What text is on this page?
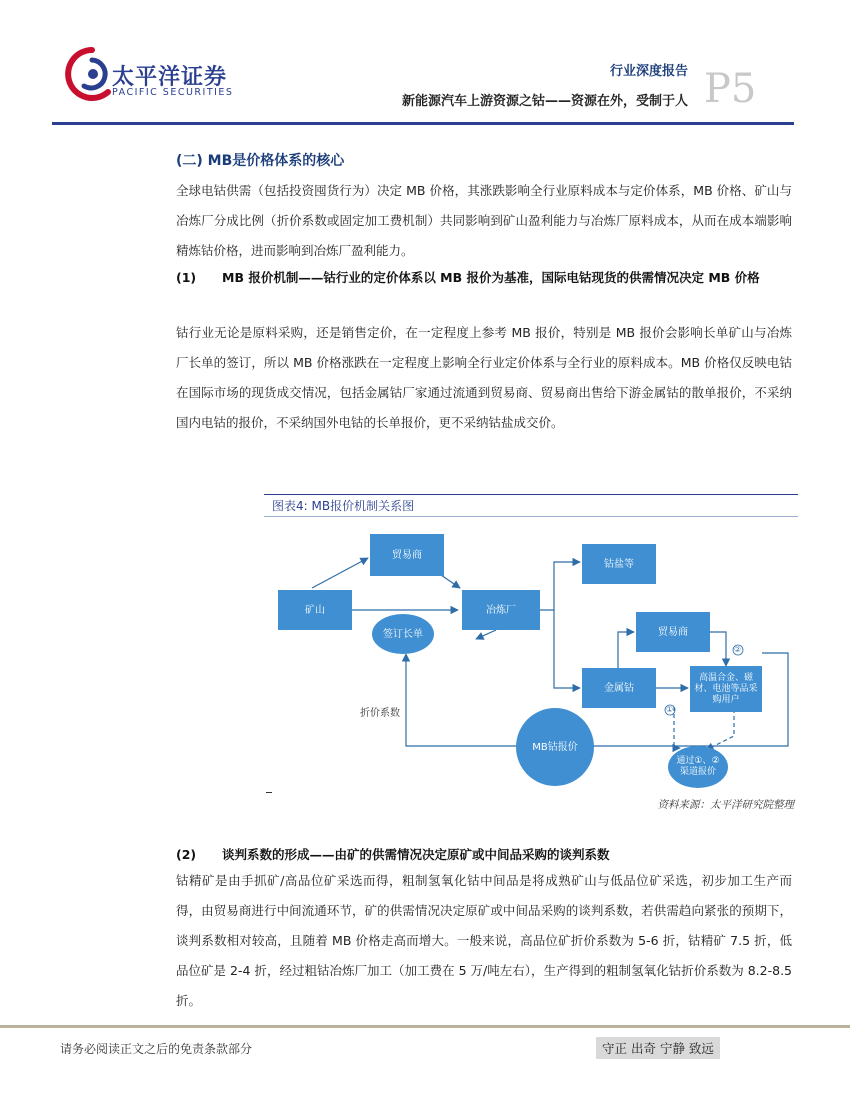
太平洋证券
PACIFIC SECURITIES
行业深度报告
新能源汽车上游资源之钴——资源在外，受制于人 P5
(二) MB是价格体系的核心
全球电钴供需（包括投资囤货行为）决定 MB 价格，其涨跌影响全行业原料成本与定价体系，MB 价格、矿山与冶炼厂分成比例（折价系数或固定加工费机制）共同影响到矿山盈利能力与冶炼厂原料成本，从而在成本端影响精炼钴价格，进而影响到冶炼厂盈利能力。
(1)	MB 报价机制——钴行业的定价体系以 MB 报价为基准，国际电钴现货的供需情况决定 MB 价格
钴行业无论是原料采购，还是销售定价，在一定程度上参考 MB 报价，特别是 MB 报价会影响长单矿山与冶炼厂长单的签订，所以 MB 价格涨跌在一定程度上影响全行业定价体系与全行业的原料成本。MB 价格仅反映电钴在国际市场的现货成交情况，包括金属钴厂家通过流通到贸易商、贸易商出售给下游金属钴的散单报价，不采纳国内电钴的报价，不采纳国外电钴的长单报价，更不采纳钴盐成交价。
图表4: MB报价机制关系图
贸易商
矿山	冶炼厂
钴盐等
贸易商
金属钴
高温合金、磁材、电池等品采购用户
签订长单
MB钴报价
通过①、②渠道报价
折价系数
②
①
资料来源：太平洋研究院整理
(2)	谈判系数的形成——由矿的供需情况决定原矿或中间品采购的谈判系数
钴精矿是由手抓矿/高品位矿采选而得，粗制氢氧化钴中间品是将成熟矿山与低品位矿采选，初步加工生产而得，由贸易商进行中间流通环节，矿的供需情况决定原矿或中间品采购的谈判系数，若供需趋向紧张的预期下，谈判系数相对较高，且随着 MB 价格走高而增大。一般来说，高品位矿折价系数为 5-6 折，钴精矿 7.5 折，低品位矿是 2-4 折，经过粗钴冶炼厂加工（加工费在 5 万/吨左右），生产得到的粗制氢氧化钴折价系数为 8.2-8.5 折。
请务必阅读正文之后的免责条款部分	守正 出奇 宁静 致远
